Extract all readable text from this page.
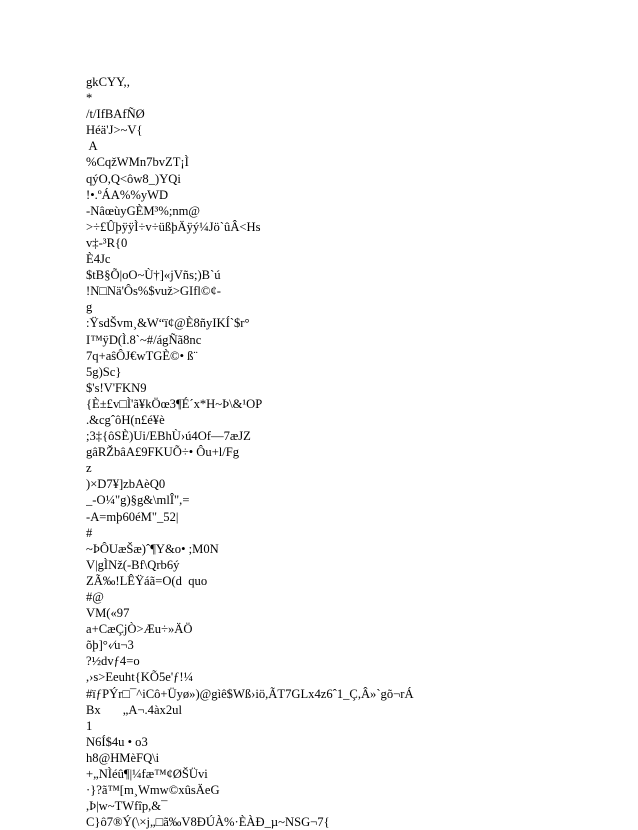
gkCYY,,
*
/t/IfBAfÑØ
Héä'J>~V{
A
%CqžWMn7bvZT¡Ì
qýO,Q<ôw8_)YQi
!•.ºÁA%%yWD
-NâœùyGÈM³%;nm@
>÷£ÛþÿÿÌ÷v÷üßþÄÿý¼Jö`ûÂ<Hs
v‡-³R{0
È4Jc
$tB§Õ|oO~Ù†]«jVñs;)B`ú
!N□Nä'Ôs%$vuž>GIfl©¢-
g
:ŸsdŠvm¸&W“ï¢@È8ñyIKÍ`$r°
I™ÿD(Ì.8`~#/ágÑã8nc
7q+aŝÔJ€wTGÈ©• ß¨
5g)Sc}
$'s!V'FKN9
{È±£v□Ì'ã¥kÖœ3¶É´x*H~Þ\&¹OP
.&cgˆôH(n£é¥è
;3‡{ôSÈ)Ui/EBhÙ›ú4Of—7æJZ
gâRŽbâA£9FKUÕ÷• Ôu+l/Fg
z
)×D7¥]zbAèQ0
_-O¼"g)§g&\mlÎ",=
-A=mþ60éM"_52|
#
~ÞÔUæŠæ)ˆ¶Y&o• ;M0N
V|gÌNž(-Bf\Qrb6ý
ZÃ‰!LÊŸáã=O(d  quo
#@
VM(«97
a+CæÇjÒ>Æu÷»ÄÖ
õþ]°‹⁄u¬3
?½dvƒ4=o
,›s>Eeuht{KÕ5e'ƒ!¼
#ïƒPÝr□¯^iCô+Üyø»)@gìê$Wß›iö,ÃT7GLx4z6ˆ1_Ç,Â»`gõ¬rÁ
Bx       „A¬.4àx2ul
1
N6Í$4u • o3
h8@HMèFQ\i
+„NÌéû¶|¼fæ™¢ØŠÜvi
·}?ã™[m¸Wmw©xûsÄeG
,Þ|w~TWfîp,&¯
C}ô7®Ý(\×j„□ã‰V8ÐÚÀ%·ÈÀÐ_µ~NSG¬7{
